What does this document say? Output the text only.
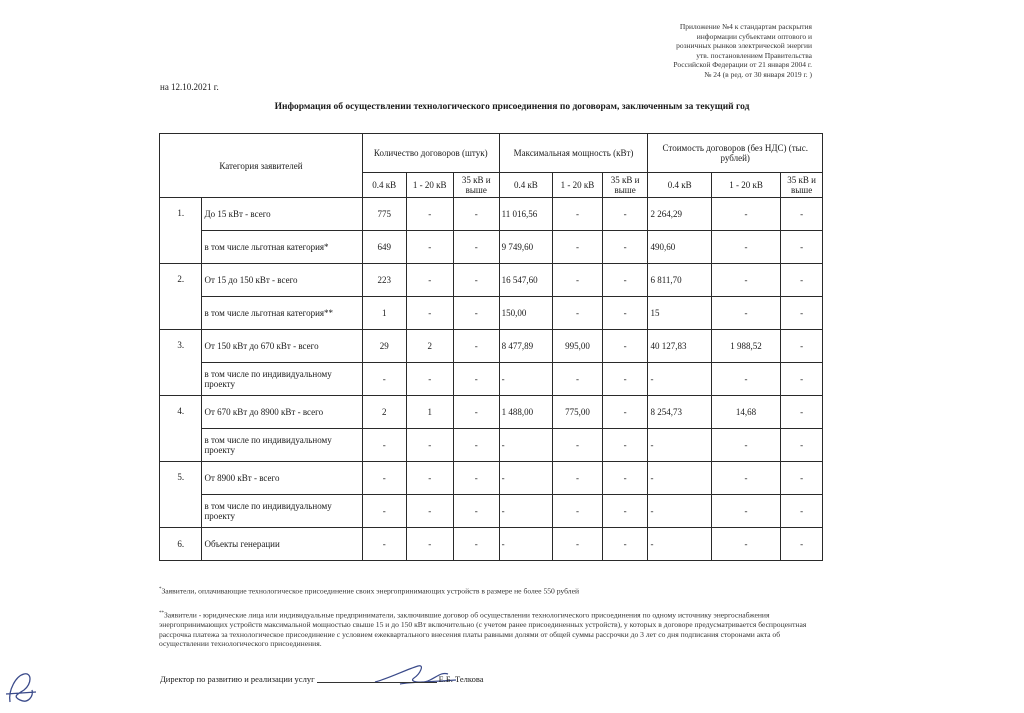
Приложение №4 к стандартам раскрытия
информации субъектами оптового и
розничных рынков электрической энергии
утв. постановлением Правительства
Российской Федерации от 21 января 2004 г.
№ 24 (в ред. от 30 января 2019 г. )
на 12.10.2021 г.
Информация об осуществлении технологического присоединения по договорам, заключенным за текущий год
Категория заявителей		Количество договоров (штук)			Максимальная мощность (кВт)			Стоимость договоров (без НДС) (тыс. рублей)		
		0.4 кВ	1 - 20 кВ	35 кВ и выше	0.4 кВ	1 - 20 кВ	35 кВ и выше	0.4 кВ	1 - 20 кВ	35 кВ и выше
1.	До 15 кВт - всего	775	-	-	11 016,56	-	-	2 264,29	-	-
	в том числе льготная категория*	649	-	-	9 749,60	-	-	490,60	-	-
2.	От 15 до 150 кВт - всего	223	-	-	16 547,60	-	-	6 811,70	-	-
	в том числе льготная категория**	1	-	-	150,00	-	-	15	-	-
3.	От 150 кВт до 670 кВт - всего	29	2	-	8 477,89	995,00	-	40 127,83	1 988,52	-
	в том числе по индивидуальному проекту	-	-	-	-	-	-	-	-	-
4.	От 670 кВт до 8900 кВт - всего	2	1	-	1 488,00	775,00	-	8 254,73	14,68	-
	в том числе по индивидуальному проекту	-	-	-	-	-	-	-	-	-
5.	От 8900 кВт - всего	-	-	-	-	-	-	-	-	-
	в том числе по индивидуальному проекту	-	-	-	-	-	-	-	-	-
6.	Объекты генерации	-	-	-	-	-	-	-	-	-
*Заявители, оплачивающие технологическое присоединение своих энергопринимающих устройств в размере не более 550 рублей
**Заявители - юридические лица или индивидуальные предприниматели, заключившие договор об осуществлении технологического присоединения по одному источнику энергоснабжения энергопринимающих устройств максимальной мощностью свыше 15 и до 150 кВт включительно (с учетом ранее присоединенных устройств), у которых в договоре предусматривается беспроцентная рассрочка платежа за технологическое присоединение с условием ежеквартального внесения платы равными долями от общей суммы рассрочки до 3 лет со дня подписания сторонами акта об осуществлении технологического присоединения.
Директор по развитию и реализации услуг	Е.Б. Телкова
